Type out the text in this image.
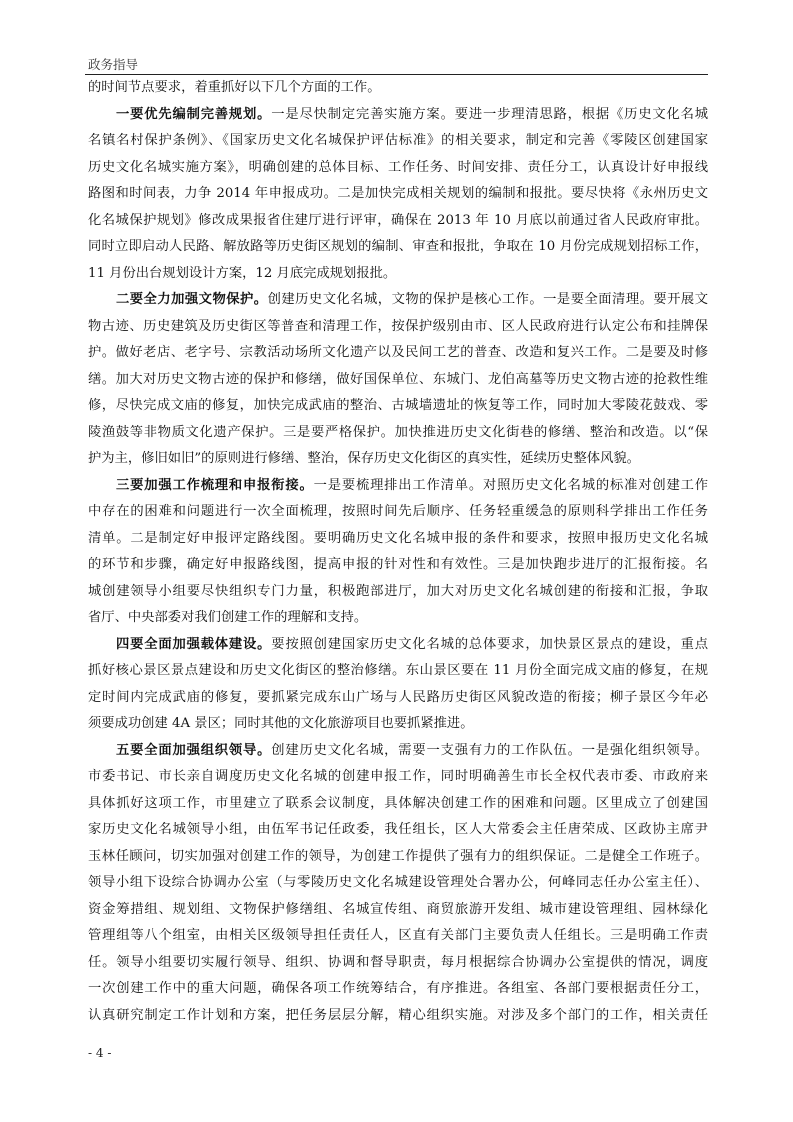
政务指导
的时间节点要求，着重抓好以下几个方面的工作。
一要优先编制完善规划。一是尽快制定完善实施方案。要进一步理清思路，根据《历史文化名城
名镇名村保护条例》、《国家历史文化名城保护评估标准》的相关要求，制定和完善《零陵区创建国家
历史文化名城实施方案》，明确创建的总体目标、工作任务、时间安排、责任分工，认真设计好申报线
路图和时间表，力争 2014 年申报成功。二是加快完成相关规划的编制和报批。要尽快将《永州历史文
化名城保护规划》修改成果报省住建厅进行评审，确保在 2013 年 10 月底以前通过省人民政府审批。
同时立即启动人民路、解放路等历史街区规划的编制、审查和报批，争取在 10 月份完成规划招标工作，
11 月份出台规划设计方案，12 月底完成规划报批。
二要全力加强文物保护。创建历史文化名城，文物的保护是核心工作。一是要全面清理。要开展文
物古迹、历史建筑及历史街区等普查和清理工作，按保护级别由市、区人民政府进行认定公布和挂牌保
护。做好老店、老字号、宗教活动场所文化遗产以及民间工艺的普查、改造和复兴工作。二是要及时修
缮。加大对历史文物古迹的保护和修缮，做好国保单位、东城门、龙伯高墓等历史文物古迹的抢救性维
修，尽快完成文庙的修复，加快完成武庙的整治、古城墙遗址的恢复等工作，同时加大零陵花鼓戏、零
陵渔鼓等非物质文化遗产保护。三是要严格保护。加快推进历史文化街巷的修缮、整治和改造。以“保
护为主，修旧如旧”的原则进行修缮、整治，保存历史文化街区的真实性，延续历史整体风貌。
三要加强工作梳理和申报衔接。一是要梳理排出工作清单。对照历史文化名城的标准对创建工作
中存在的困难和问题进行一次全面梳理，按照时间先后顺序、任务轻重缓急的原则科学排出工作任务
清单。二是制定好申报评定路线图。要明确历史文化名城申报的条件和要求，按照申报历史文化名城
的环节和步骤，确定好申报路线图，提高申报的针对性和有效性。三是加快跑步进厅的汇报衔接。名
城创建领导小组要尽快组织专门力量，积极跑部进厅，加大对历史文化名城创建的衔接和汇报，争取
省厅、中央部委对我们创建工作的理解和支持。
四要全面加强载体建设。要按照创建国家历史文化名城的总体要求，加快景区景点的建设，重点
抓好核心景区景点建设和历史文化街区的整治修缮。东山景区要在 11 月份全面完成文庙的修复，在规
定时间内完成武庙的修复，要抓紧完成东山广场与人民路历史街区风貌改造的衔接；柳子景区今年必
须要成功创建 4A 景区；同时其他的文化旅游项目也要抓紧推进。
五要全面加强组织领导。创建历史文化名城，需要一支强有力的工作队伍。一是强化组织领导。
市委书记、市长亲自调度历史文化名城的创建申报工作，同时明确善生市长全权代表市委、市政府来
具体抓好这项工作，市里建立了联系会议制度，具体解决创建工作的困难和问题。区里成立了创建国
家历史文化名城领导小组，由伍军书记任政委，我任组长，区人大常委会主任唐荣成、区政协主席尹
玉林任顾问，切实加强对创建工作的领导，为创建工作提供了强有力的组织保证。二是健全工作班子。
领导小组下设综合协调办公室（与零陵历史文化名城建设管理处合署办公，何峰同志任办公室主任）、
资金筹措组、规划组、文物保护修缮组、名城宣传组、商贸旅游开发组、城市建设管理组、园林绿化
管理组等八个组室，由相关区级领导担任责任人，区直有关部门主要负责人任组长。三是明确工作责
任。领导小组要切实履行领导、组织、协调和督导职责，每月根据综合协调办公室提供的情况，调度
一次创建工作中的重大问题，确保各项工作统筹结合，有序推进。各组室、各部门要根据责任分工，
认真研究制定工作计划和方案，把任务层层分解，精心组织实施。对涉及多个部门的工作，相关责任
- 4 -
